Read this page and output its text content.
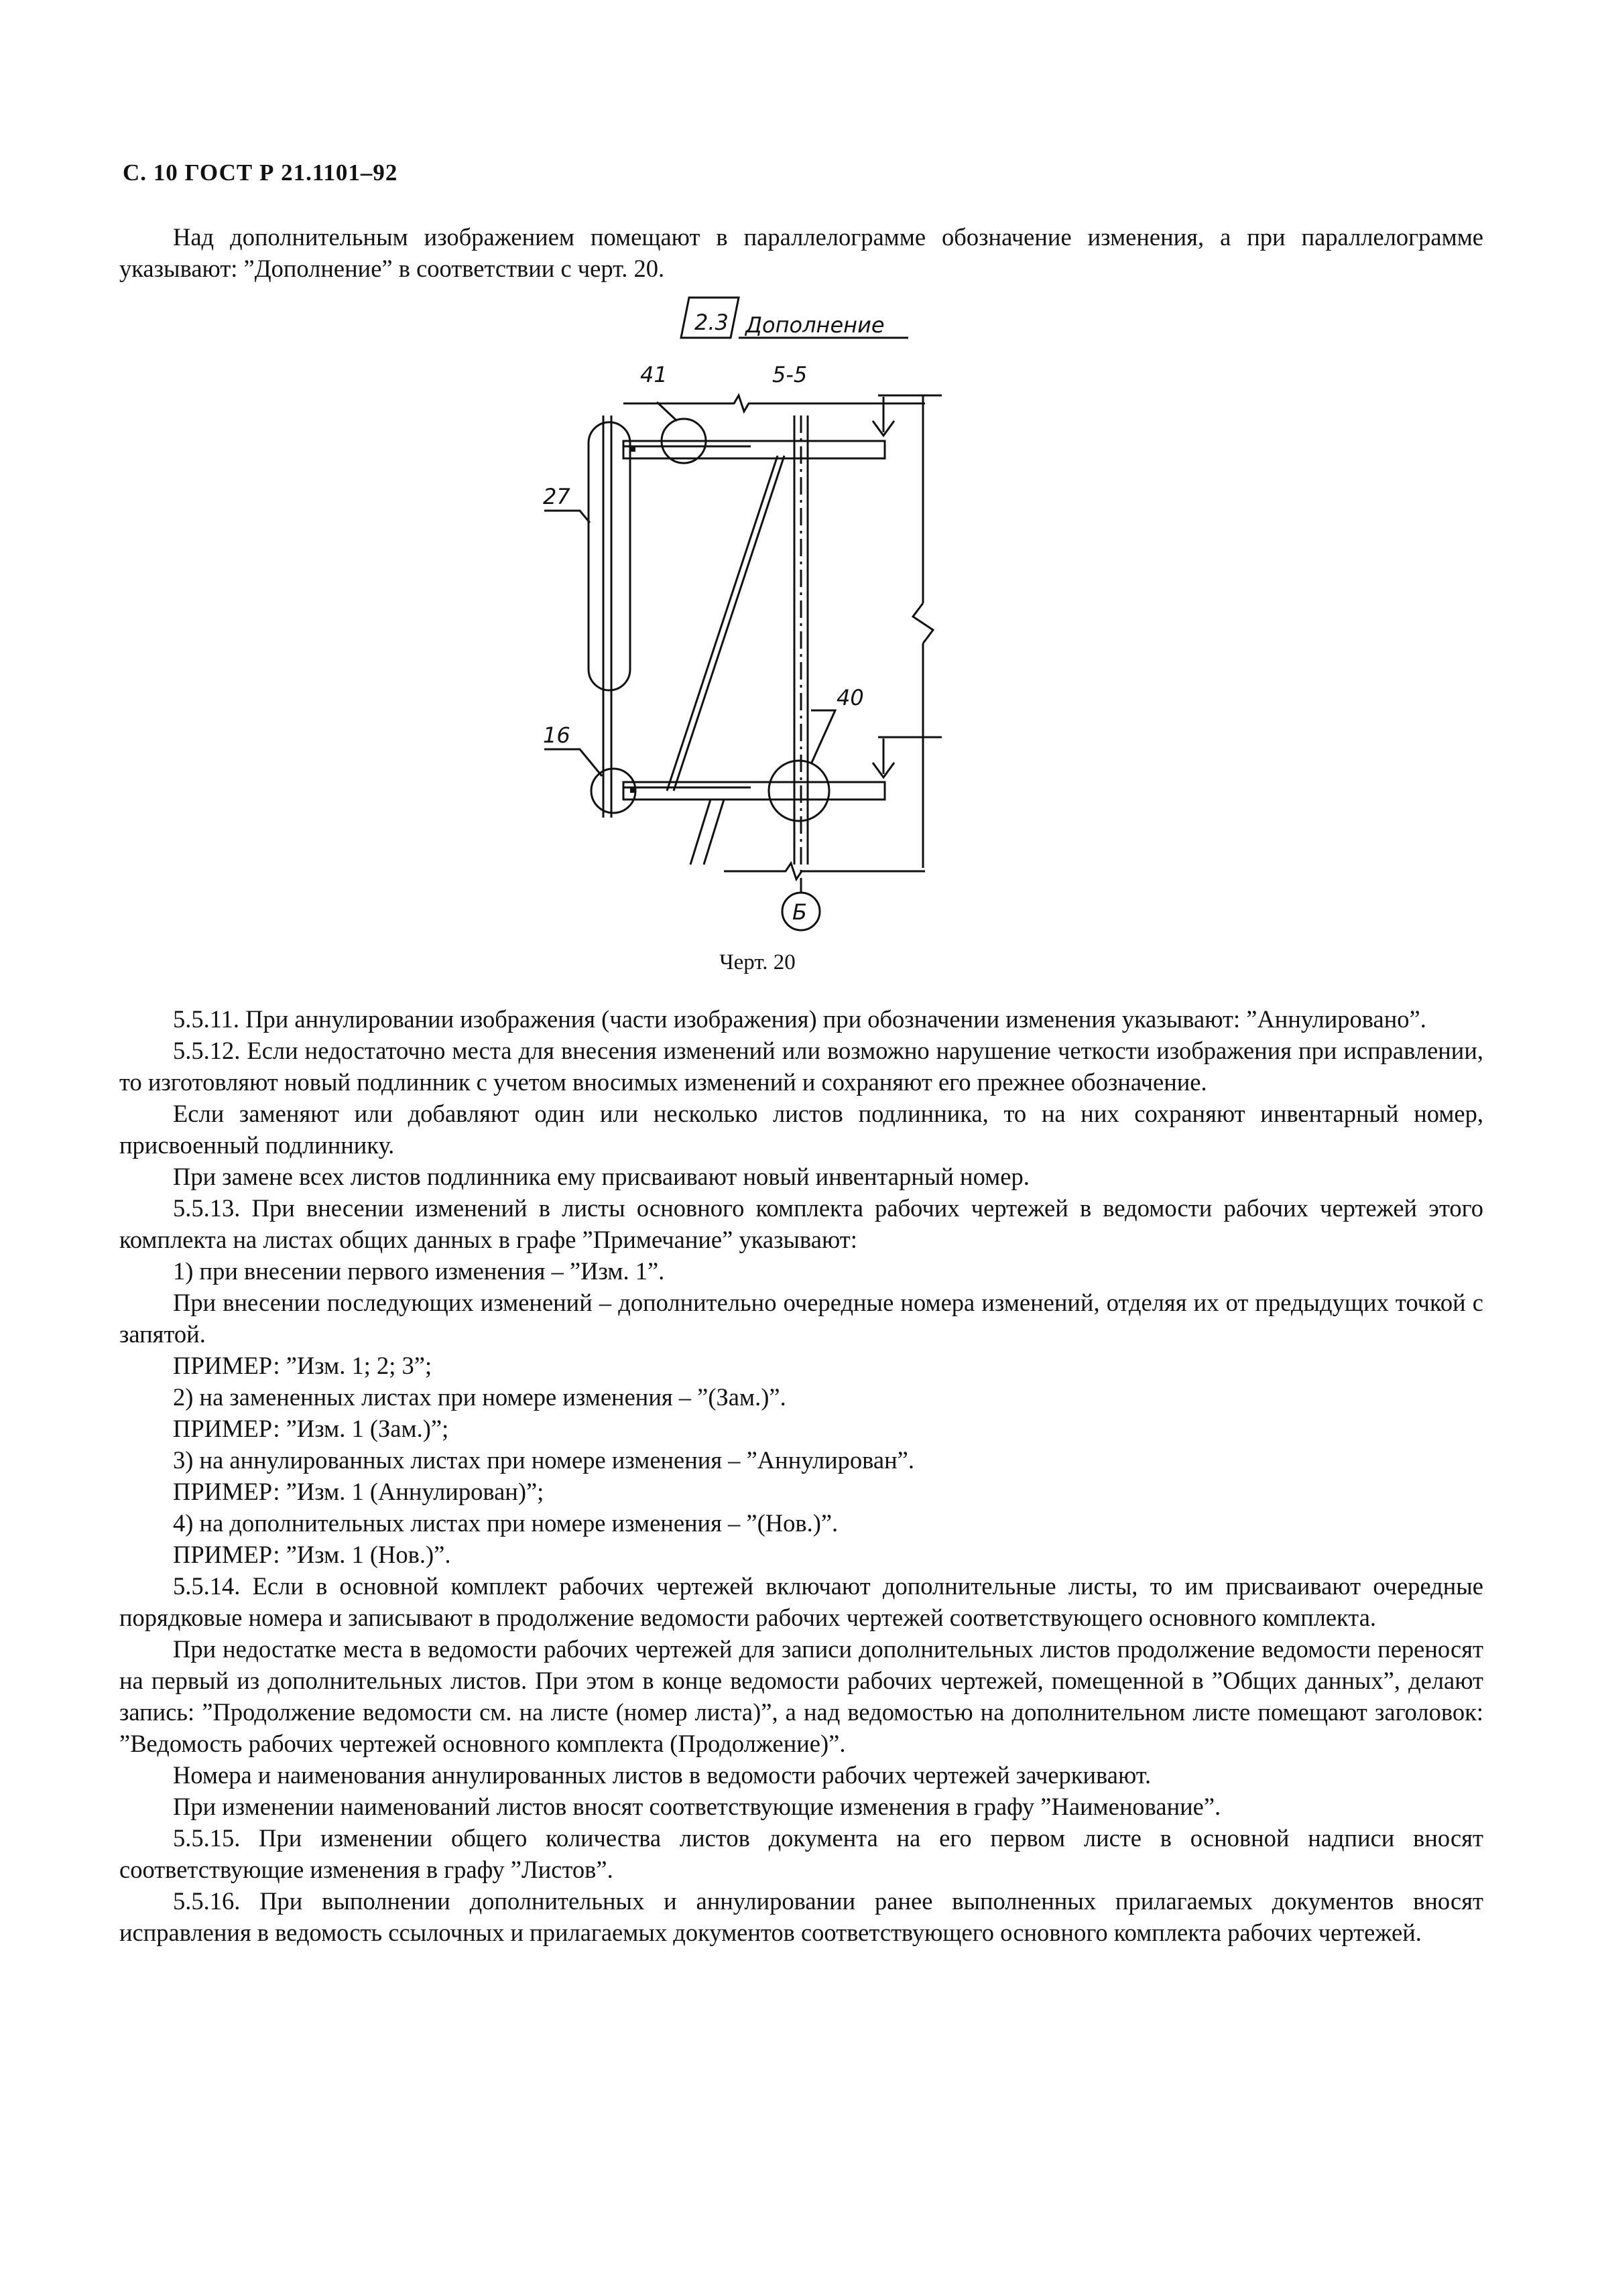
С. 10 ГОСТ Р 21.1101–92

Над дополнительным изображением помещают в параллелограмме обозначение изменения, а при параллелограмме указывают: ”Дополнение” в соответствии с черт. 20.

2.3 Дополнение
5-5
41
27
16
40
Б
Черт. 20

5.5.11. При аннулировании изображения (части изображения) при обозначении изменения указывают: ”Аннулировано”.

5.5.12. Если недостаточно места для внесения изменений или возможно нарушение четкости изображения при исправлении, то изготовляют новый подлинник с учетом вносимых изменений и сохраняют его прежнее обозначение.

Если заменяют или добавляют один или несколько листов подлинника, то на них сохраняют инвентарный номер, присвоенный подлиннику.

При замене всех листов подлинника ему присваивают новый инвентарный номер.

5.5.13. При внесении изменений в листы основного комплекта рабочих чертежей в ведомости рабочих чертежей этого комплекта на листах общих данных в графе ”Примечание” указывают:

1) при внесении первого изменения – ”Изм. 1”.

При внесении последующих изменений – дополнительно очередные номера изменений, отделяя их от предыдущих точкой с запятой.

ПРИМЕР: ”Изм. 1; 2; 3”;

2) на замененных листах при номере изменения – ”(Зам.)”.

ПРИМЕР: ”Изм. 1 (Зам.)”;

3) на аннулированных листах при номере изменения – ”Аннулирован”.

ПРИМЕР: ”Изм. 1 (Аннулирован)”;

4) на дополнительных листах при номере изменения – ”(Нов.)”.

ПРИМЕР: ”Изм. 1 (Нов.)”.

5.5.14. Если в основной комплект рабочих чертежей включают дополнительные листы, то им присваивают очередные порядковые номера и записывают в продолжение ведомости рабочих чертежей соответствующего основного комплекта.

При недостатке места в ведомости рабочих чертежей для записи дополнительных листов продолжение ведомости переносят на первый из дополнительных листов. При этом в конце ведомости рабочих чертежей, помещенной в ”Общих данных”, делают запись: ”Продолжение ведомости см. на листе (номер листа)”, а над ведомостью на дополнительном листе помещают заголовок: ”Ведомость рабочих чертежей основного комплекта (Продолжение)”.

Номера и наименования аннулированных листов в ведомости рабочих чертежей зачеркивают.

При изменении наименований листов вносят соответствующие изменения в графу ”Наименование”.

5.5.15. При изменении общего количества листов документа на его первом листе в основной надписи вносят соответствующие изменения в графу ”Листов”.

5.5.16. При выполнении дополнительных и аннулировании ранее выполненных прилагаемых документов вносят исправления в ведомость ссылочных и прилагаемых документов соответствующего основного комплекта рабочих чертежей.
